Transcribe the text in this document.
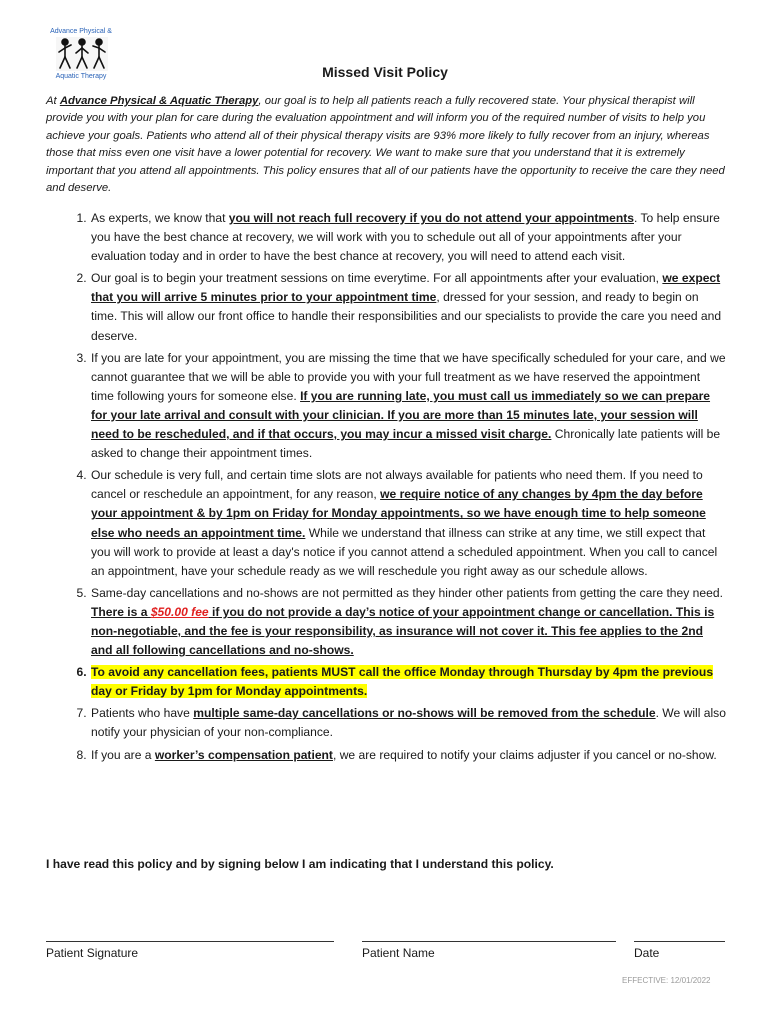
Advance Physical &
Aquatic Therapy	Missed Visit Policy

At Advance Physical & Aquatic Therapy, our goal is to help all patients reach a fully recovered state. Your physical therapist will provide you with your plan for care during the evaluation appointment and will inform you of the required number of visits to help you achieve your goals. Patients who attend all of their physical therapy visits are 93% more likely to fully recover from an injury, whereas those that miss even one visit have a lower potential for recovery. We want to make sure that you understand that it is extremely important that you attend all appointments. This policy ensures that all of our patients have the opportunity to receive the care they need and deserve.

1. As experts, we know that you will not reach full recovery if you do not attend your appointments. To help ensure you have the best chance at recovery, we will work with you to schedule out all of your appointments after your evaluation today and in order to have the best chance at recovery, you will need to attend each visit.
2. Our goal is to begin your treatment sessions on time everytime. For all appointments after your evaluation, we expect that you will arrive 5 minutes prior to your appointment time, dressed for your session, and ready to begin on time. This will allow our front office to handle their responsibilities and our specialists to provide the care you need and deserve.
3. If you are late for your appointment, you are missing the time that we have specifically scheduled for your care, and we cannot guarantee that we will be able to provide you with your full treatment as we have reserved the appointment time following yours for someone else. If you are running late, you must call us immediately so we can prepare for your late arrival and consult with your clinician. If you are more than 15 minutes late, your session will need to be rescheduled, and if that occurs, you may incur a missed visit charge. Chronically late patients will be asked to change their appointment times.
4. Our schedule is very full, and certain time slots are not always available for patients who need them. If you need to cancel or reschedule an appointment, for any reason, we require notice of any changes by 4pm the day before your appointment & by 1pm on Friday for Monday appointments, so we have enough time to help someone else who needs an appointment time. While we understand that illness can strike at any time, we still expect that you will work to provide at least a day's notice if you cannot attend a scheduled appointment. When you call to cancel an appointment, have your schedule ready as we will reschedule you right away as our schedule allows.
5. Same-day cancellations and no-shows are not permitted as they hinder other patients from getting the care they need. There is a $50.00 fee if you do not provide a day’s notice of your appointment change or cancellation. This is non-negotiable, and the fee is your responsibility, as insurance will not cover it. This fee applies to the 2nd and all following cancellations and no-shows.
6. To avoid any cancellation fees, patients MUST call the office Monday through Thursday by 4pm the previous day or Friday by 1pm for Monday appointments.
7. Patients who have multiple same-day cancellations or no-shows will be removed from the schedule. We will also notify your physician of your non-compliance.
8. If you are a worker’s compensation patient, we are required to notify your claims adjuster if you cancel or no-show.
I have read this policy and by signing below I am indicating that I understand this policy.
Patient Signature	Patient Name	Date
EFFECTIVE: 12/01/2022
